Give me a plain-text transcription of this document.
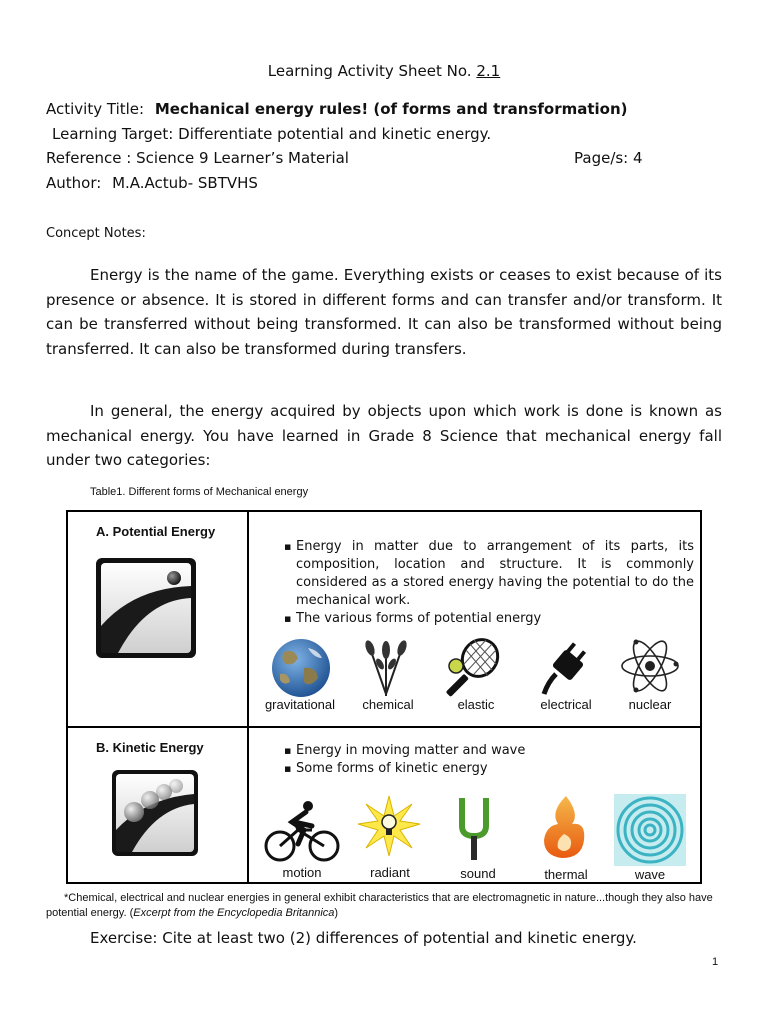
Learning Activity Sheet No. 2.1
Activity Title: Mechanical energy rules! (of forms and transformation)
Learning Target: Differentiate potential and kinetic energy.
Reference : Science 9 Learner’s Material	Page/s: 4
Author: M.A.Actub- SBTVHS
Concept Notes:

Energy is the name of the game. Everything exists or ceases to exist because of its presence or absence. It is stored in different forms and can transfer and/or transform. It can be transferred without being transformed. It can also be transformed without being transferred. It can also be transformed during transfers.

In general, the energy acquired by objects upon which work is done is known as mechanical energy. You have learned in Grade 8 Science that mechanical energy fall under two categories:

Table1. Different forms of Mechanical energy
A. Potential Energy
▪ Energy in matter due to arrangement of its parts, its composition, location and structure. It is commonly considered as a stored energy having the potential to do the mechanical work.
▪ The various forms of potential energy
gravitational	chemical	elastic	electrical	nuclear
B. Kinetic Energy
▪	Energy in moving matter and wave
▪ Some forms of kinetic energy
motion	radiant	sound	thermal	wave

*Chemical, electrical and nuclear energies in general exhibit characteristics that are electromagnetic in nature...though they also have potential energy. (Excerpt from the Encyclopedia Britannica)

Exercise: Cite at least two (2) differences of potential and kinetic energy.
1
